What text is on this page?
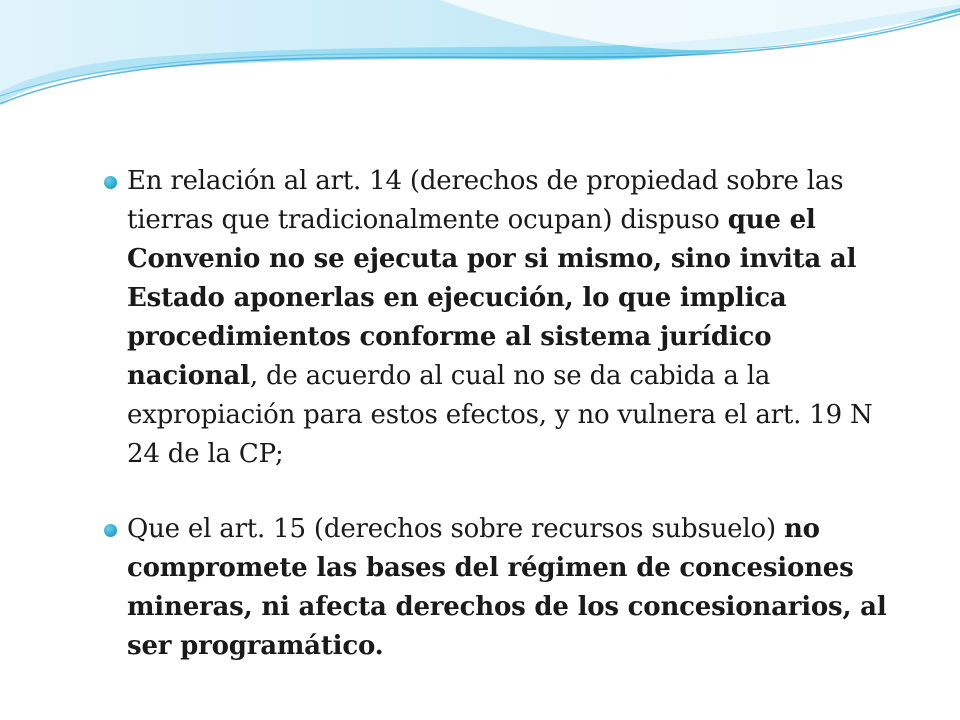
En relación al art. 14 (derechos de propiedad sobre las tierras que tradicionalmente ocupan) dispuso que el Convenio no se ejecuta por si mismo, sino invita al Estado aponerlas en ejecución, lo que implica procedimientos conforme al sistema jurídico nacional, de acuerdo al cual no se da cabida a la expropiación para estos efectos, y no vulnera el art. 19 N 24 de la CP;
Que el art. 15 (derechos sobre recursos subsuelo) no compromete las bases del régimen de concesiones mineras, ni afecta derechos de los concesionarios, al ser programático.
